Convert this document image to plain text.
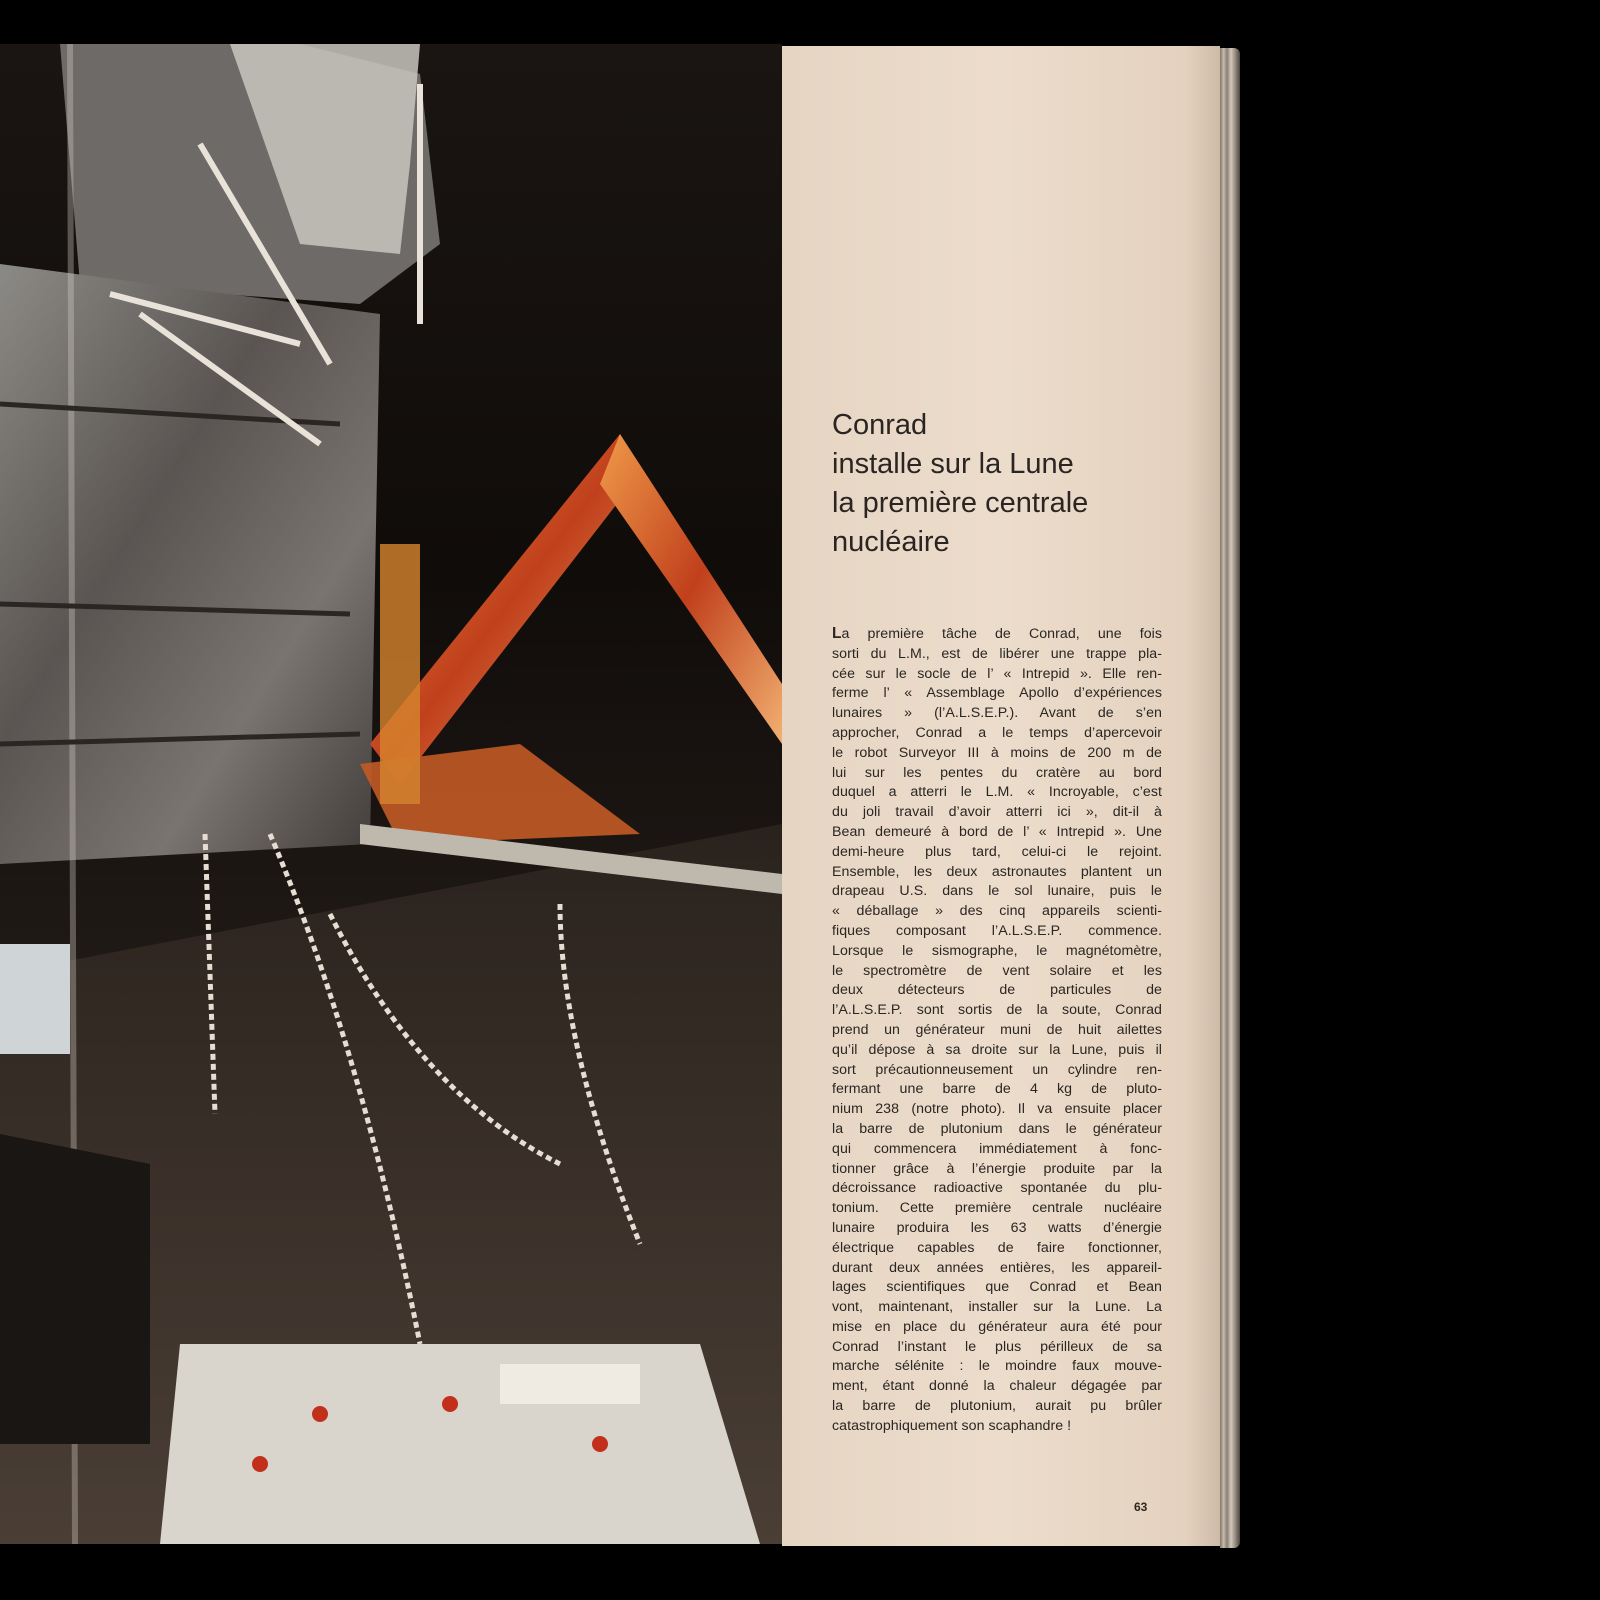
Conrad
installe sur la Lune
la première centrale
nucléaire
La première tâche de Conrad, une fois
sorti du L.M., est de libérer une trappe pla-
cée sur le socle de l’ « Intrepid ». Elle ren-
ferme l’ « Assemblage Apollo d’expériences
lunaires » (l’A.L.S.E.P.). Avant de s’en
approcher, Conrad a le temps d’apercevoir
le robot Surveyor III à moins de 200 m de
lui sur les pentes du cratère au bord
duquel a atterri le L.M. « Incroyable, c’est
du joli travail d’avoir atterri ici », dit-il à
Bean demeuré à bord de l’ « Intrepid ». Une
demi-heure plus tard, celui-ci le rejoint.
Ensemble, les deux astronautes plantent un
drapeau U.S. dans le sol lunaire, puis le
« déballage » des cinq appareils scienti-
fiques composant l’A.L.S.E.P. commence.
Lorsque le sismographe, le magnétomètre,
le spectromètre de vent solaire et les
deux détecteurs de particules de
l’A.L.S.E.P. sont sortis de la soute, Conrad
prend un générateur muni de huit ailettes
qu’il dépose à sa droite sur la Lune, puis il
sort précautionneusement un cylindre ren-
fermant une barre de 4 kg de pluto-
nium 238 (notre photo). Il va ensuite placer
la barre de plutonium dans le générateur
qui commencera immédiatement à fonc-
tionner grâce à l’énergie produite par la
décroissance radioactive spontanée du plu-
tonium. Cette première centrale nucléaire
lunaire produira les 63 watts d’énergie
électrique capables de faire fonctionner,
durant deux années entières, les appareil-
lages scientifiques que Conrad et Bean
vont, maintenant, installer sur la Lune. La
mise en place du générateur aura été pour
Conrad l’instant le plus périlleux de sa
marche sélénite : le moindre faux mouve-
ment, étant donné la chaleur dégagée par
la barre de plutonium, aurait pu brûler
catastrophiquement son scaphandre !
63
